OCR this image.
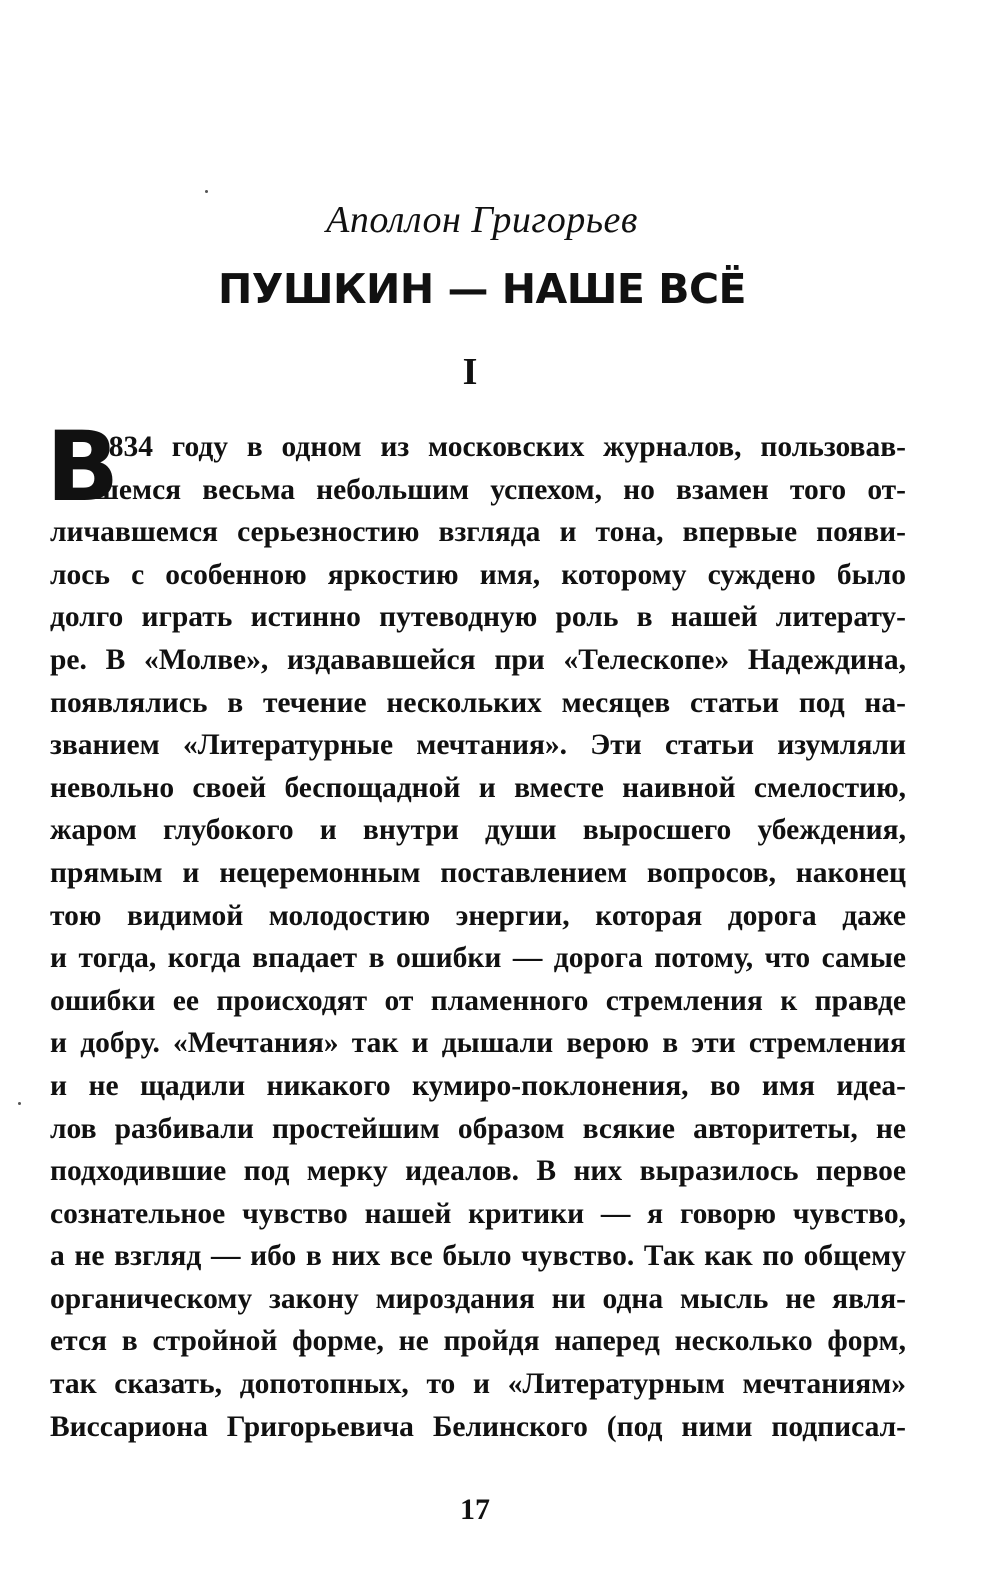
Аполлон Григорьев
ПУШКИН — НАШЕ ВСЁ
I
В
1834 году в одном из московских журналов, пользовав-
шемся весьма небольшим успехом, но взамен того от-
личавшемся серьезностию взгляда и тона, впервые появи-
лось с особенною яркостию имя, которому суждено было
долго играть истинно путеводную роль в нашей литерату-
ре. В «Молве», издававшейся при «Телескопе» Надеждина,
появлялись в течение нескольких месяцев статьи под на-
званием «Литературные мечтания». Эти статьи изумляли
невольно своей беспощадной и вместе наивной смелостию,
жаром глубокого и внутри души выросшего убеждения,
прямым и нецеремонным поставлением вопросов, наконец
тою видимой молодостию энергии, которая дорога даже
и тогда, когда впадает в ошибки — дорога потому, что самые
ошибки ее происходят от пламенного стремления к правде
и добру. «Мечтания» так и дышали верою в эти стремления
и не щадили никакого кумиро-поклонения, во имя идеа-
лов разбивали простейшим образом всякие авторитеты, не
подходившие под мерку идеалов. В них выразилось первое
сознательное чувство нашей критики — я говорю чувство,
а не взгляд — ибо в них все было чувство. Так как по общему
органическому закону мироздания ни одна мысль не явля-
ется в стройной форме, не пройдя наперед несколько форм,
так сказать, допотопных, то и «Литературным мечтаниям»
Виссариона Григорьевича Белинского (под ними подписал-
17
